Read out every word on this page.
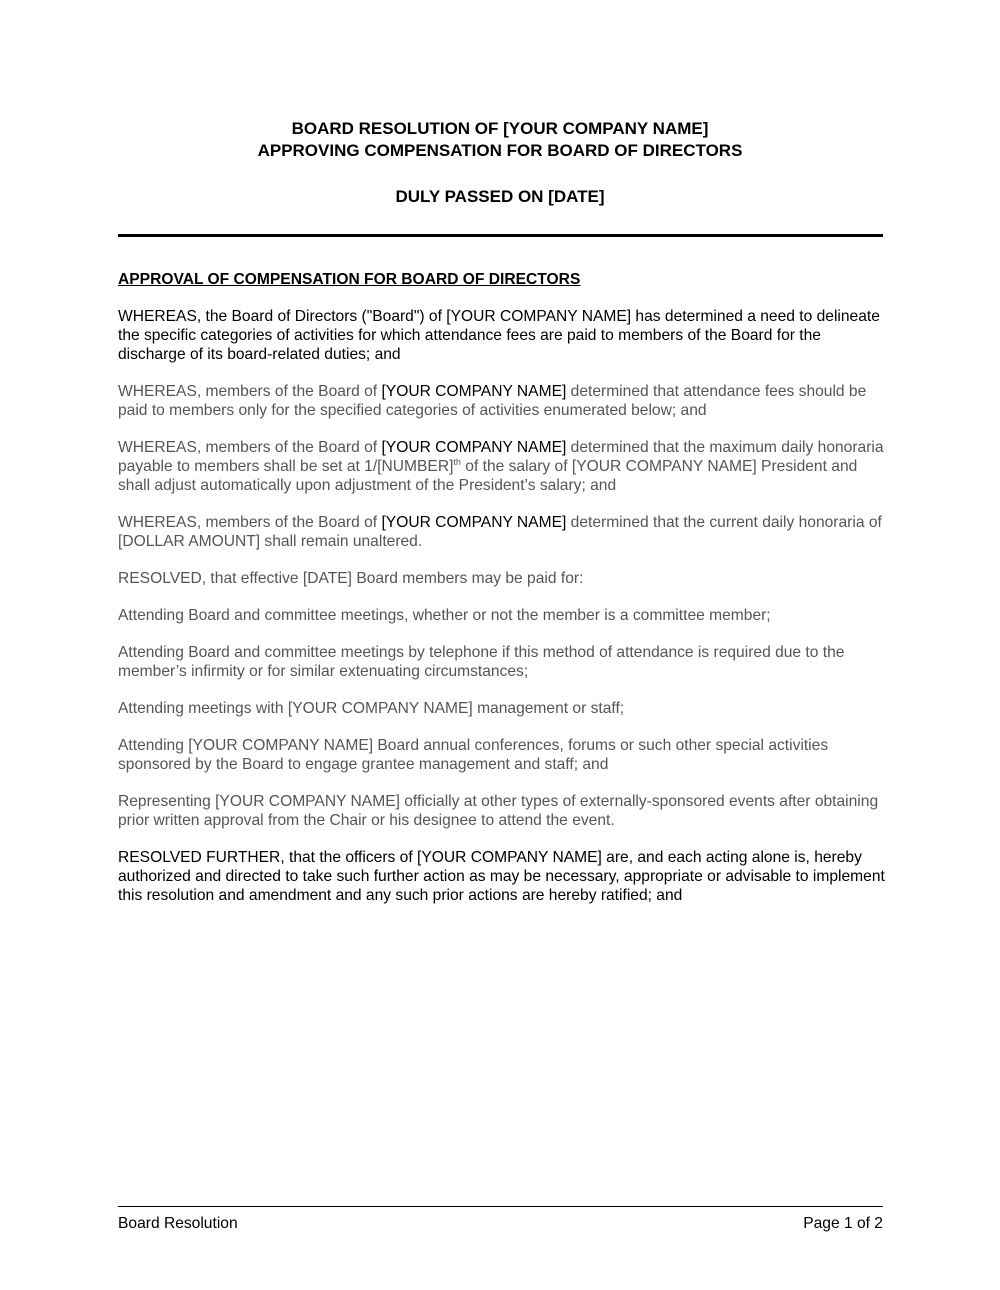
BOARD RESOLUTION OF [YOUR COMPANY NAME]
APPROVING COMPENSATION FOR BOARD OF DIRECTORS
DULY PASSED ON [DATE]
APPROVAL OF COMPENSATION FOR BOARD OF DIRECTORS

WHEREAS, the Board of Directors ("Board") of [YOUR COMPANY NAME] has determined a need to delineate the specific categories of activities for which attendance fees are paid to members of the Board for the discharge of its board-related duties; and

WHEREAS, members of the Board of [YOUR COMPANY NAME] determined that attendance fees should be paid to members only for the specified categories of activities enumerated below; and

WHEREAS, members of the Board of [YOUR COMPANY NAME] determined that the maximum daily honoraria payable to members shall be set at 1/[NUMBER]$^{th}$ of the salary of [YOUR COMPANY NAME] President and shall adjust automatically upon adjustment of the President’s salary; and

WHEREAS, members of the Board of [YOUR COMPANY NAME] determined that the current daily honoraria of [DOLLAR AMOUNT] shall remain unaltered.

RESOLVED, that effective [DATE] Board members may be paid for:

Attending Board and committee meetings, whether or not the member is a committee member;

Attending Board and committee meetings by telephone if this method of attendance is required due to the member’s infirmity or for similar extenuating circumstances;

Attending meetings with [YOUR COMPANY NAME] management or staff;

Attending [YOUR COMPANY NAME] Board annual conferences, forums or such other special activities sponsored by the Board to engage grantee management and staff; and

Representing [YOUR COMPANY NAME] officially at other types of externally-sponsored events after obtaining prior written approval from the Chair or his designee to attend the event.

RESOLVED FURTHER, that the officers of [YOUR COMPANY NAME] are, and each acting alone is, hereby authorized and directed to take such further action as may be necessary, appropriate or advisable to implement this resolution and amendment and any such prior actions are hereby ratified; and

Board Resolution	Page 1 of 2
